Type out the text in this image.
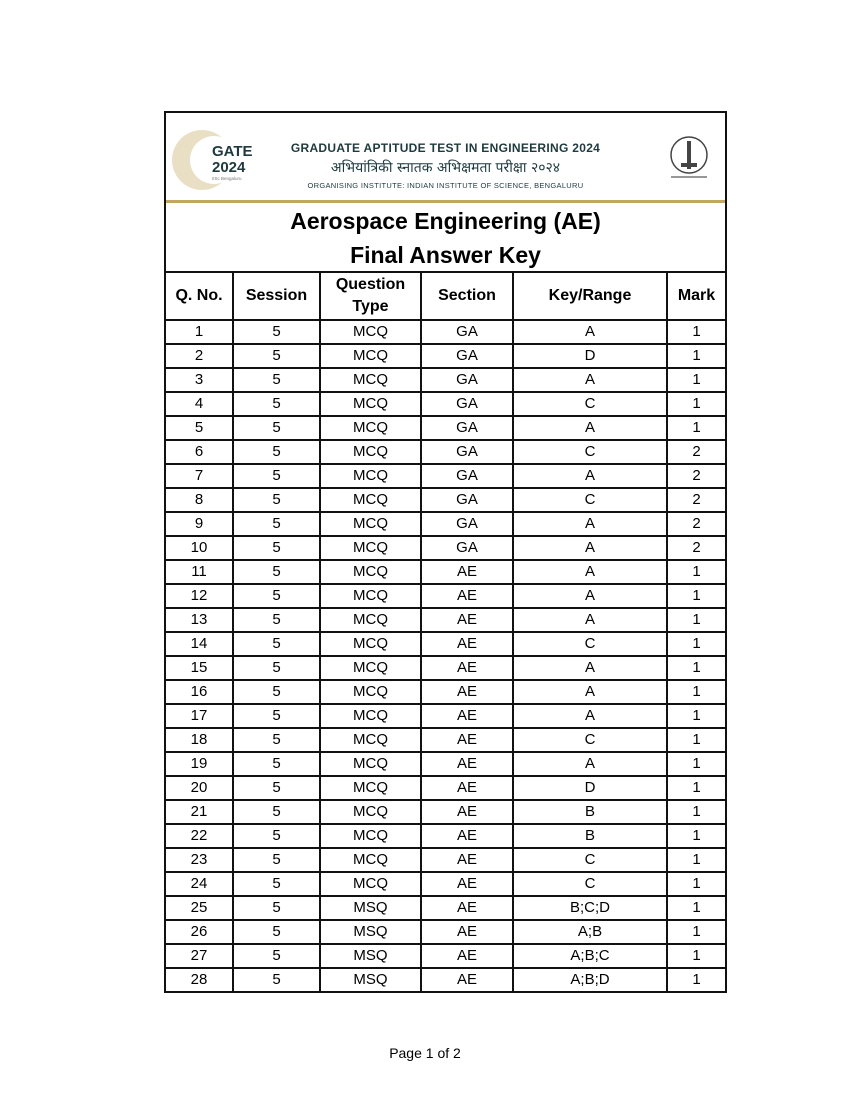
GATE
2024
IISc Bengaluru
GRADUATE APTITUDE TEST IN ENGINEERING 2024
अभियांत्रिकी स्नातक अभिक्षमता परीक्षा २०२४
ORGANISING INSTITUTE: INDIAN INSTITUTE OF SCIENCE, BENGALURU
Aerospace Engineering (AE)
Final Answer Key
Q. No.	Session	Question Type	Section	Key/Range	Mark
1	5	MCQ	GA	A	1
2	5	MCQ	GA	D	1
3	5	MCQ	GA	A	1
4	5	MCQ	GA	C	1
5	5	MCQ	GA	A	1
6	5	MCQ	GA	C	2
7	5	MCQ	GA	A	2
8	5	MCQ	GA	C	2
9	5	MCQ	GA	A	2
10	5	MCQ	GA	A	2
11	5	MCQ	AE	A	1
12	5	MCQ	AE	A	1
13	5	MCQ	AE	A	1
14	5	MCQ	AE	C	1
15	5	MCQ	AE	A	1
16	5	MCQ	AE	A	1
17	5	MCQ	AE	A	1
18	5	MCQ	AE	C	1
19	5	MCQ	AE	A	1
20	5	MCQ	AE	D	1
21	5	MCQ	AE	B	1
22	5	MCQ	AE	B	1
23	5	MCQ	AE	C	1
24	5	MCQ	AE	C	1
25	5	MSQ	AE	B;C;D	1
26	5	MSQ	AE	A;B	1
27	5	MSQ	AE	A;B;C	1
28	5	MSQ	AE	A;B;D	1
Page 1 of 2
